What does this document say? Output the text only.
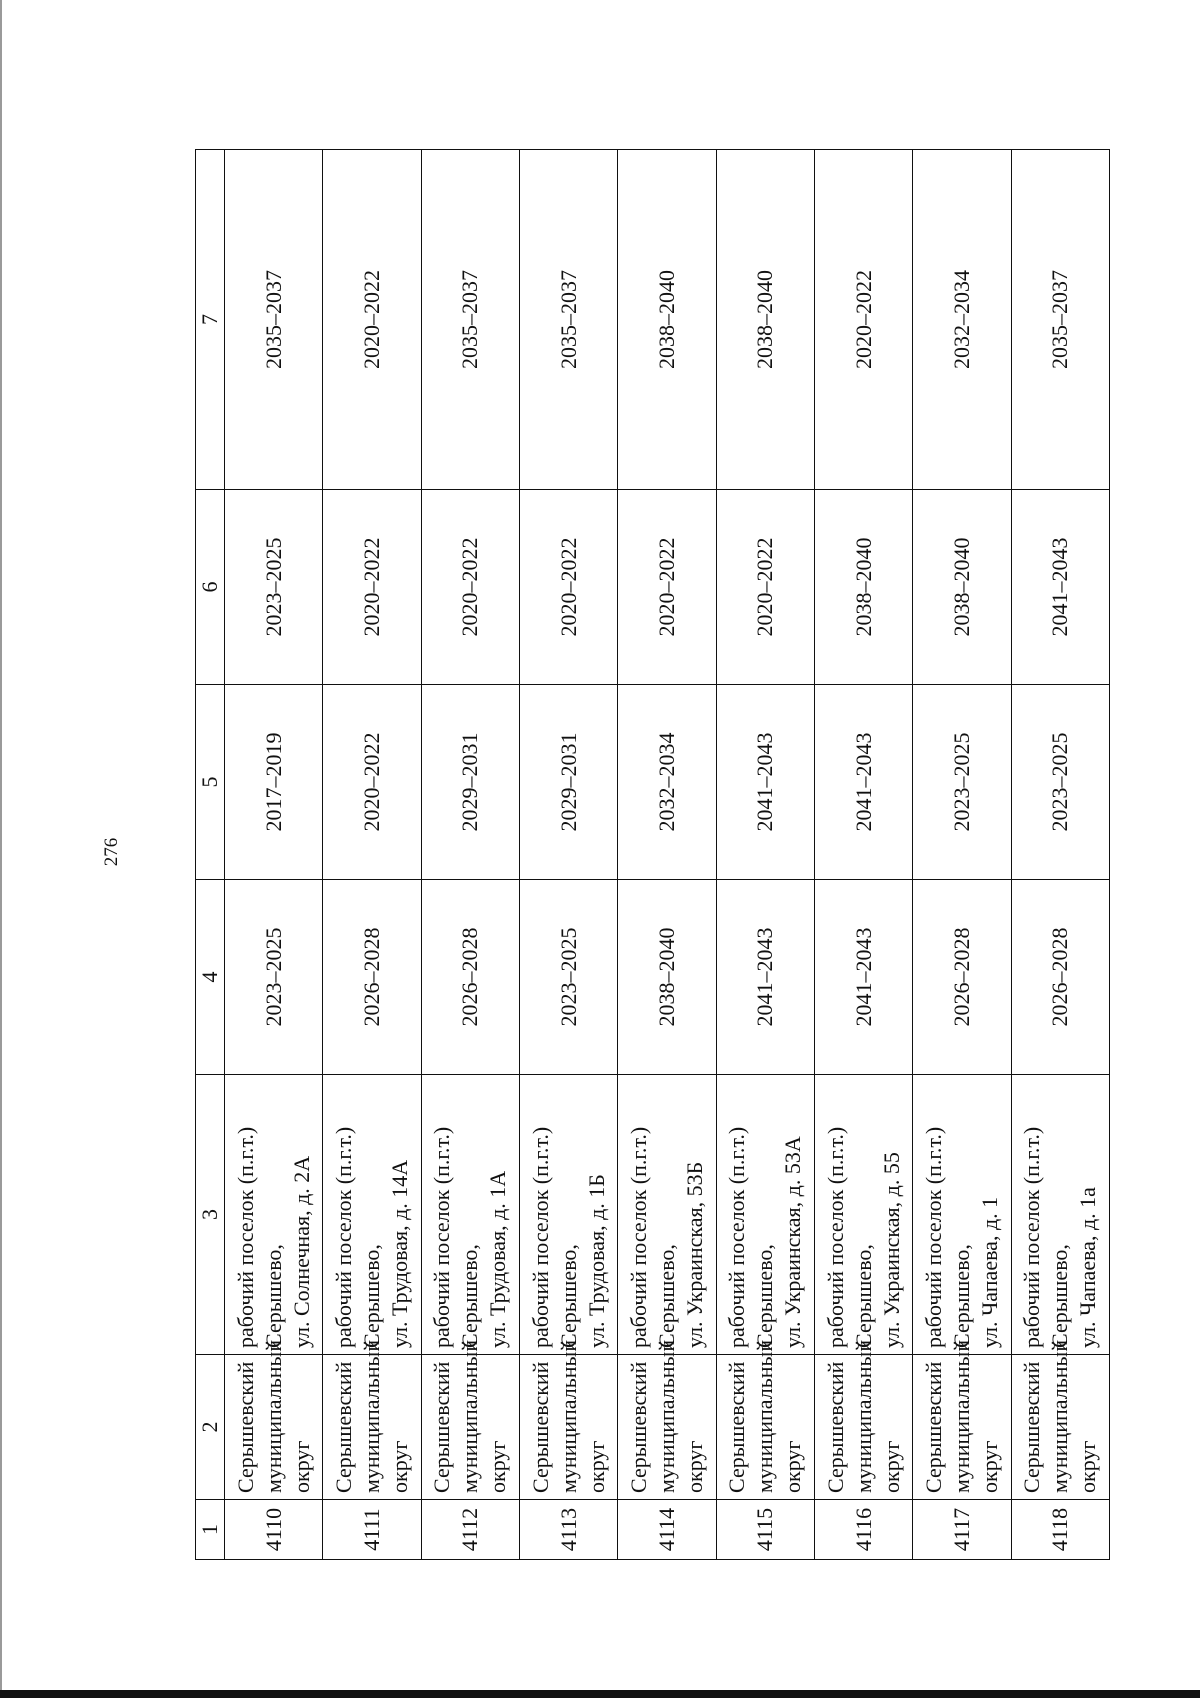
276
1	2	3	4	5	6	7
4110	Серышевский муниципальный округ	рабочий поселок (п.г.т.) Серышево, ул. Солнечная, д. 2А	2023–2025	2017–2019	2023–2025	2035–2037
4111	Серышевский муниципальный округ	рабочий поселок (п.г.т.) Серышево, ул. Трудовая, д. 14А	2026–2028	2020–2022	2020–2022	2020–2022
4112	Серышевский муниципальный округ	рабочий поселок (п.г.т.) Серышево, ул. Трудовая, д. 1А	2026–2028	2029–2031	2020–2022	2035–2037
4113	Серышевский муниципальный округ	рабочий поселок (п.г.т.) Серышево, ул. Трудовая, д. 1Б	2023–2025	2029–2031	2020–2022	2035–2037
4114	Серышевский муниципальный округ	рабочий поселок (п.г.т.) Серышево, ул. Украинская, 53Б	2038–2040	2032–2034	2020–2022	2038–2040
4115	Серышевский муниципальный округ	рабочий поселок (п.г.т.) Серышево, ул. Украинская, д. 53А	2041–2043	2041–2043	2020–2022	2038–2040
4116	Серышевский муниципальный округ	рабочий поселок (п.г.т.) Серышево, ул. Украинская, д. 55	2041–2043	2041–2043	2038–2040	2020–2022
4117	Серышевский муниципальный округ	рабочий поселок (п.г.т.) Серышево, ул. Чапаева, д. 1	2026–2028	2023–2025	2038–2040	2032–2034
4118	Серышевский муниципальный округ	рабочий поселок (п.г.т.) Серышево, ул. Чапаева, д. 1а	2026–2028	2023–2025	2041–2043	2035–2037
